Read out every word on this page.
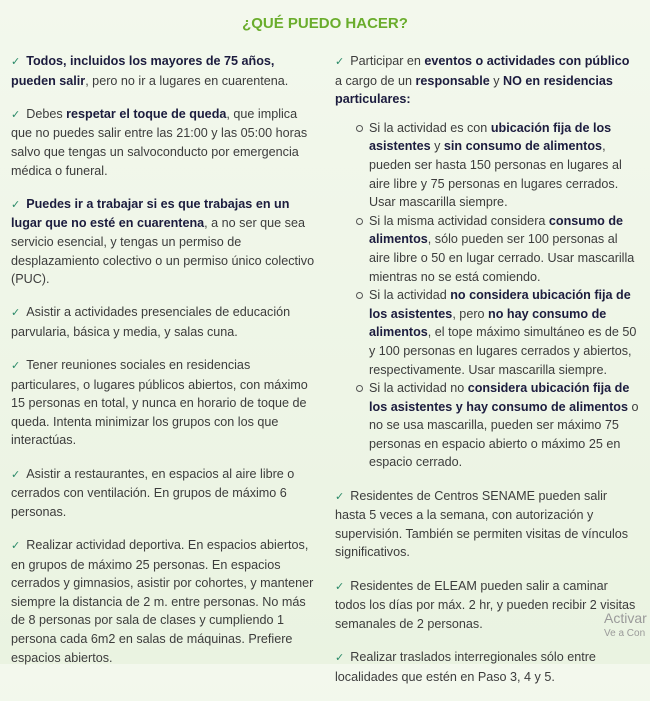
¿QUÉ PUEDO HACER?
✓ Todos, incluidos los mayores de 75 años, pueden salir, pero no ir a lugares en cuarentena.
✓ Debes respetar el toque de queda, que implica que no puedes salir entre las 21:00 y las 05:00 horas salvo que tengas un salvoconducto por emergencia médica o funeral.
✓ Puedes ir a trabajar si es que trabajas en un lugar que no esté en cuarentena, a no ser que sea servicio esencial, y tengas un permiso de desplazamiento colectivo o un permiso único colectivo (PUC).
✓ Asistir a actividades presenciales de educación parvularia, básica y media, y salas cuna.
✓ Tener reuniones sociales en residencias particulares, o lugares públicos abiertos, con máximo 15 personas en total, y nunca en horario de toque de queda. Intenta minimizar los grupos con los que interactúas.
✓ Asistir a restaurantes, en espacios al aire libre o cerrados con ventilación. En grupos de máximo 6 personas.
✓ Realizar actividad deportiva. En espacios abiertos, en grupos de máximo 25 personas. En espacios cerrados y gimnasios, asistir por cohortes, y mantener siempre la distancia de 2 m. entre personas. No más de 8 personas por sala de clases y cumpliendo 1 persona cada 6m2 en salas de máquinas. Prefiere espacios abiertos.
✓ Participar en eventos o actividades con público a cargo de un responsable y NO en residencias particulares:
Si la actividad es con ubicación fija de los asistentes y sin consumo de alimentos, pueden ser hasta 150 personas en lugares al aire libre y 75 personas en lugares cerrados. Usar mascarilla siempre.
Si la misma actividad considera consumo de alimentos, sólo pueden ser 100 personas al aire libre o 50 en lugar cerrado. Usar mascarilla mientras no se está comiendo.
Si la actividad no considera ubicación fija de los asistentes, pero no hay consumo de alimentos, el tope máximo simultáneo es de 50 y 100 personas en lugares cerrados y abiertos, respectivamente. Usar mascarilla siempre.
Si la actividad no considera ubicación fija de los asistentes y hay consumo de alimentos o no se usa mascarilla, pueden ser máximo 75 personas en espacio abierto o máximo 25 en espacio cerrado.
✓ Residentes de Centros SENAME pueden salir hasta 5 veces a la semana, con autorización y supervisión. También se permiten visitas de vínculos significativos.
✓ Residentes de ELEAM pueden salir a caminar todos los días por máx. 2 hr, y pueden recibir 2 visitas semanales de 2 personas.
✓ Realizar traslados interregionales sólo entre localidades que estén en Paso 3, 4 y 5.
Activar
Ve a Con
